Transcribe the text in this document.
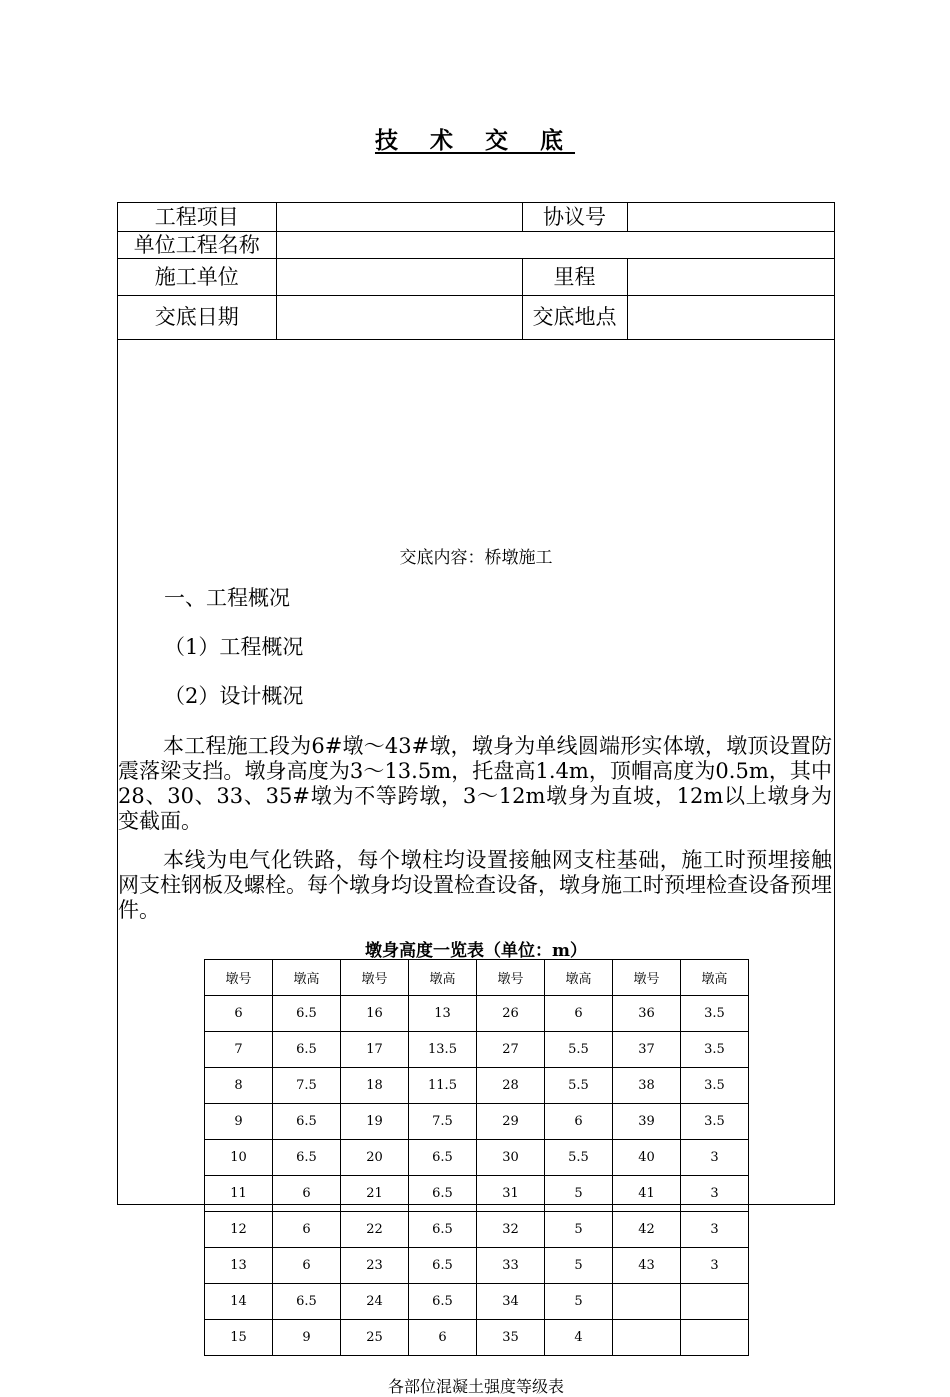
技 术 交 底
工程项目		协议号	
单位工程名称			
施工单位		里程	
交底日期		交底地点	
交底内容：桥墩施工
一、工程概况
（1）工程概况
（2）设计概况

本工程施工段为6#墩～43#墩，墩身为单线圆端形实体墩，墩顶设置防震落梁支挡。墩身高度为3～13.5m，托盘高1.4m，顶帽高度为0.5m，其中28、30、33、35#墩为不等跨墩，3～12m墩身为直坡，12m以上墩身为变截面。

本线为电气化铁路，每个墩柱均设置接触网支柱基础，施工时预埋接触网支柱钢板及螺栓。每个墩身均设置检查设备，墩身施工时预埋检查设备预埋件。

墩身高度一览表（单位：m）
墩号	墩高	墩号	墩高	墩号	墩高	墩号	墩高
6	6.5	16	13	26	6	36	3.5
7	6.5	17	13.5	27	5.5	37	3.5
8	7.5	18	11.5	28	5.5	38	3.5
9	6.5	19	7.5	29	6	39	3.5
10	6.5	20	6.5	30	5.5	40	3
11	6	21	6.5	31	5	41	3
12	6	22	6.5	32	5	42	3
13	6	23	6.5	33	5	43	3
14	6.5	24	6.5	34	5		
15	9	25	6	35	4		
各部位混凝土强度等级表
